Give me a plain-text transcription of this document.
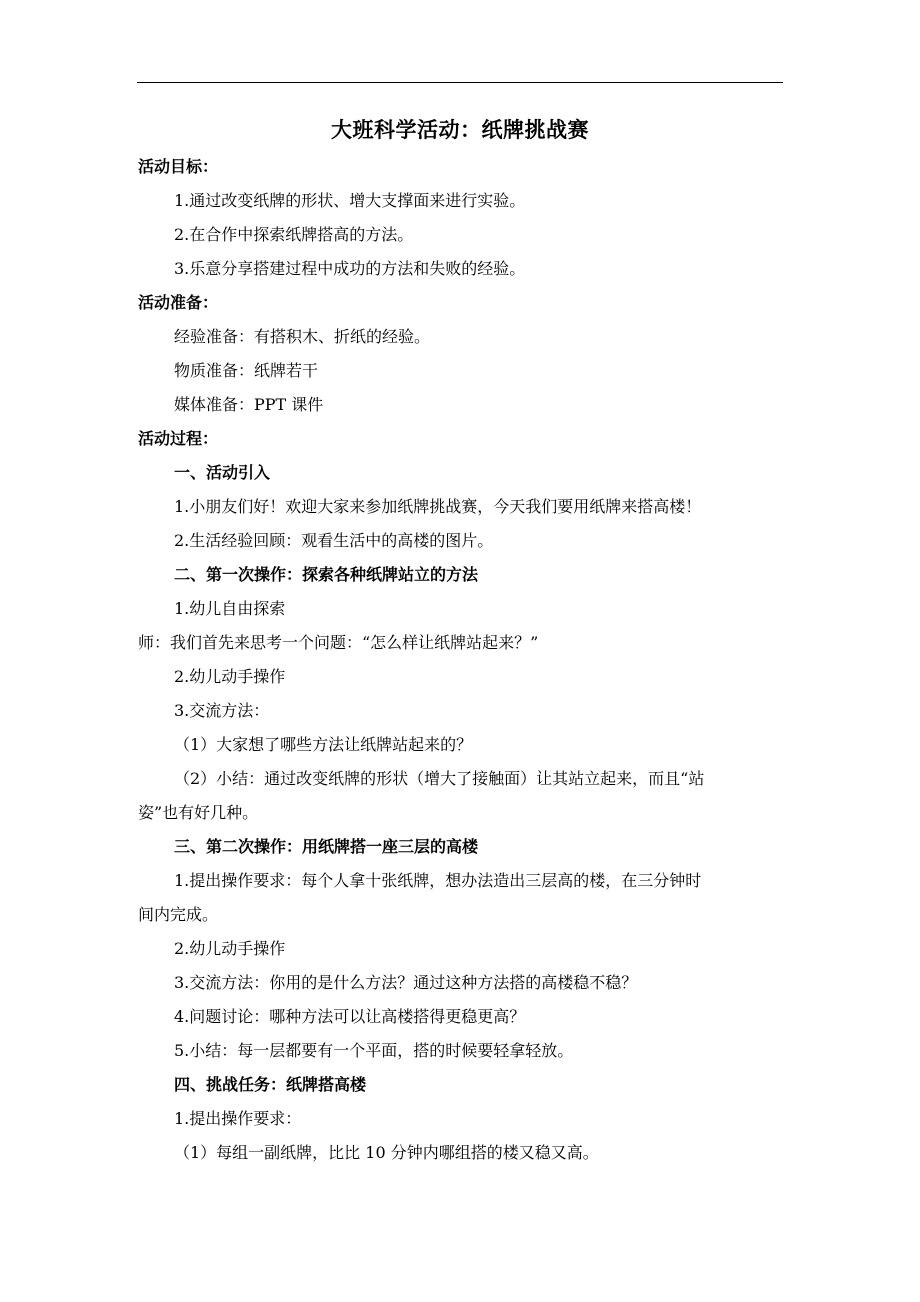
大班科学活动：纸牌挑战赛
活动目标：
1.通过改变纸牌的形状、增大支撑面来进行实验。
2.在合作中探索纸牌搭高的方法。
3.乐意分享搭建过程中成功的方法和失败的经验。
活动准备：
经验准备：有搭积木、折纸的经验。
物质准备：纸牌若干
媒体准备：PPT 课件
活动过程：
一、活动引入
1.小朋友们好！欢迎大家来参加纸牌挑战赛，今天我们要用纸牌来搭高楼！
2.生活经验回顾：观看生活中的高楼的图片。
二、第一次操作：探索各种纸牌站立的方法
1.幼儿自由探索
师：我们首先来思考一个问题：“怎么样让纸牌站起来？”
2.幼儿动手操作
3.交流方法：
（1）大家想了哪些方法让纸牌站起来的？
（2）小结：通过改变纸牌的形状（增大了接触面）让其站立起来，而且“站
姿”也有好几种。
三、第二次操作：用纸牌搭一座三层的高楼
1.提出操作要求：每个人拿十张纸牌，想办法造出三层高的楼，在三分钟时
间内完成。
2.幼儿动手操作
3.交流方法：你用的是什么方法？通过这种方法搭的高楼稳不稳？
4.问题讨论：哪种方法可以让高楼搭得更稳更高？
5.小结：每一层都要有一个平面，搭的时候要轻拿轻放。
四、挑战任务：纸牌搭高楼
1.提出操作要求：
（1）每组一副纸牌，比比 10 分钟内哪组搭的楼又稳又高。
